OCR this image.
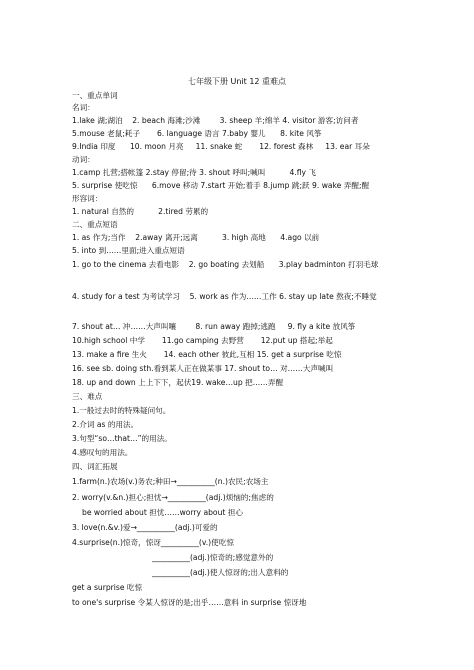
七年级下册 Unit 12 重难点
一、重点单词
名词：
1.lake 湖;湖泊    2. beach 海滩;沙滩        3. sheep 羊;绵羊 4. visitor 游客;访问者
5.mouse 老鼠;耗子       6. language 语言 7.baby 婴儿      8. kite 风筝
9.India 印度      10. moon 月亮     11. snake 蛇       12. forest 森林     13. ear 耳朵
动词：
1.camp 扎营;搭帐篷 2.stay 停留;待 3. shout 呼叫;喊叫          4.fly 飞
5. surprise 使吃惊      6.move 移动 7.start 开始;着手 8.jump 跳;跃 9. wake 弄醒;醒
形容词：
1. natural 自然的          2.tired 劳累的
二、重点短语
1. as 作为;当作    2.away 离开;远离          3. high 高地      4.ago 以前
5. into 到……里面;进入重点短语
1. go to the cinema 去看电影    2. go boating 去划船      3.play badminton 打羽毛球
4. study for a test 为考试学习    5. work as 作为……工作 6. stay up late 熬夜;不睡觉
7. shout at… 冲……大声叫嚷        8. run away 跑掉;逃跑     9. fly a kite 放风筝
10.high school 中学       11.go camping 去野营       12.put up 搭起;举起
13. make a fire 生火       14. each other 彼此,互相 15. get a surprise 吃惊
16. see sb. doing sth.看到某人正在做某事 17. shout to… 对……大声喊叫
18. up and down 上上下下，起伏19. wake…up 把……弄醒
三、难点
1.一般过去时的特殊疑问句。
2.介词 as 的用法。
3.句型“so…that…”的用法。
4.感叹句的用法。
四、词汇拓展
1.farm(n.)农场(v.)务农;种田→__________(n.)农民;农场主
2. worry(v.&n.)担心;担忧→__________(adj.)烦恼的;焦虑的
be worried about 担忧……worry about 担心
3. love(n.&v.)爱→__________(adj.)可爱的
4.surprise(n.)惊奇，惊讶__________(v.)使吃惊
__________(adj.)惊奇的;感觉意外的
__________(adj.)使人惊讶的;出人意料的
get a surprise 吃惊
to one's surprise 令某人惊讶的是;出乎……意料 in surprise 惊讶地
